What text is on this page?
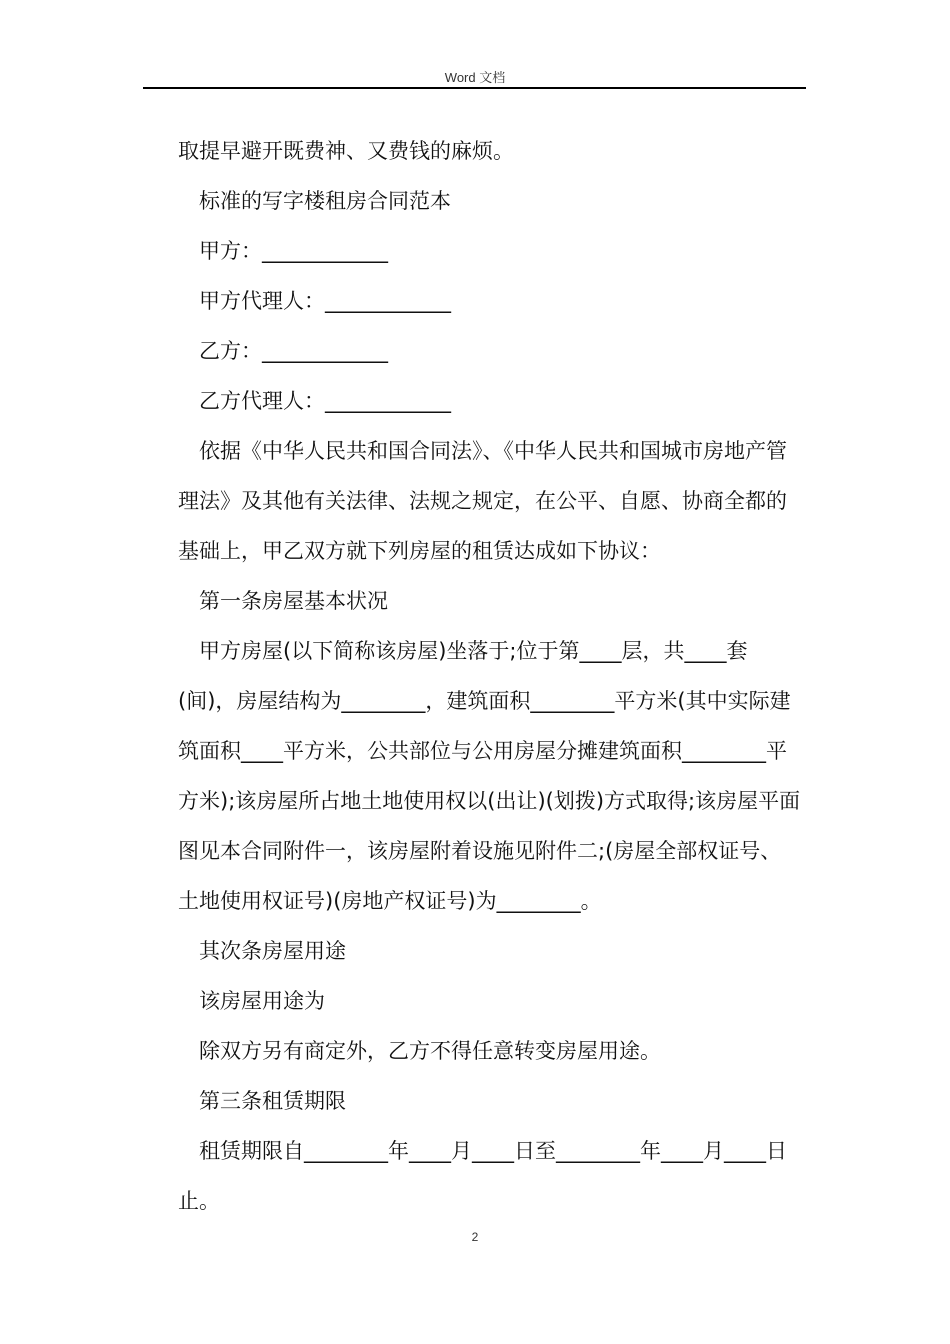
Word 文档

取提早避开既费神、又费钱的麻烦。

标准的写字楼租房合同范本

甲方：____________

甲方代理人：____________

乙方：____________

乙方代理人：____________

依据《中华人民共和国合同法》、《中华人民共和国城市房地产管理法》及其他有关法律、法规之规定，在公平、自愿、协商全都的基础上，甲乙双方就下列房屋的租赁达成如下协议：

第一条房屋基本状况

甲方房屋(以下简称该房屋)坐落于;位于第____层，共____套(间)，房屋结构为________，建筑面积________平方米(其中实际建筑面积____平方米，公共部位与公用房屋分摊建筑面积________平方米);该房屋所占地土地使用权以(出让)(划拨)方式取得;该房屋平面图见本合同附件一，该房屋附着设施见附件二;(房屋全部权证号、土地使用权证号)(房地产权证号)为________。

其次条房屋用途

该房屋用途为

除双方另有商定外，乙方不得任意转变房屋用途。

第三条租赁期限

租赁期限自________年____月____日至________年____月____日止。

2
